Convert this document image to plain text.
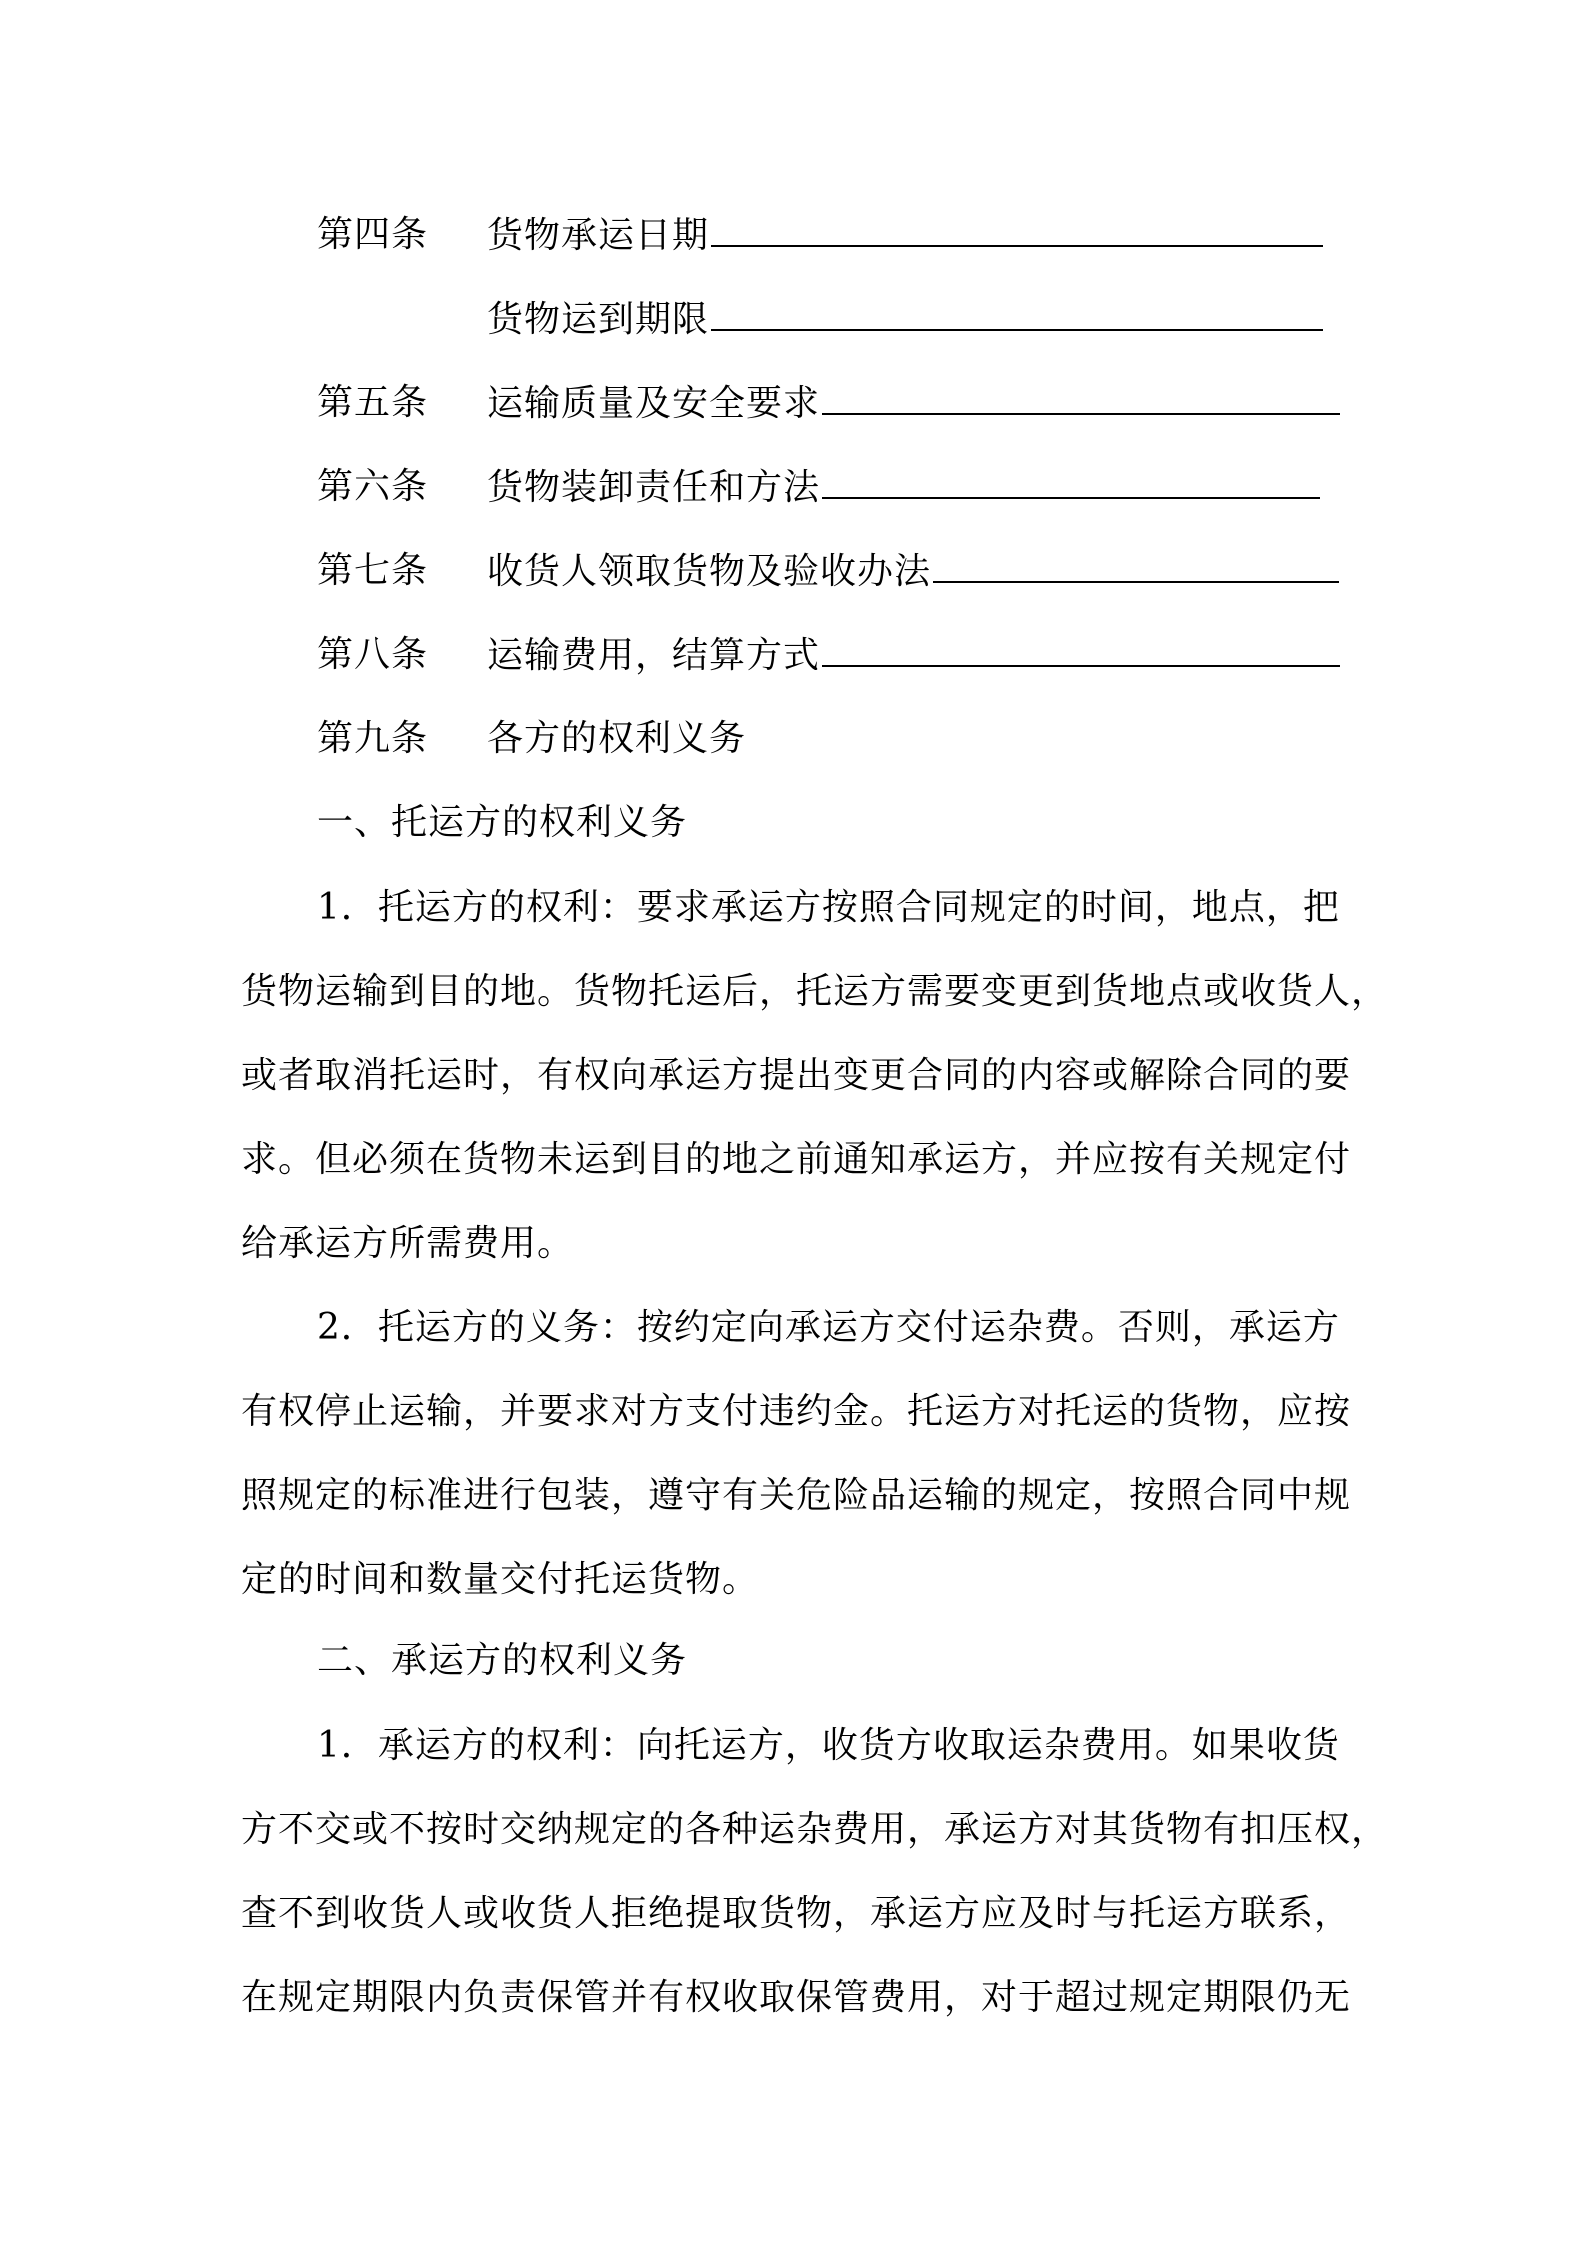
第四条 货物承运日期
货物运到期限
第五条 运输质量及安全要求
第六条 货物装卸责任和方法
第七条 收货人领取货物及验收办法
第八条 运输费用，结算方式
第九条 各方的权利义务
一、托运方的权利义务
1．托运方的权利：要求承运方按照合同规定的时间，地点，把
货物运输到目的地。货物托运后，托运方需要变更到货地点或收货人，
或者取消托运时，有权向承运方提出变更合同的内容或解除合同的要
求。但必须在货物未运到目的地之前通知承运方，并应按有关规定付
给承运方所需费用。
2．托运方的义务：按约定向承运方交付运杂费。否则，承运方
有权停止运输，并要求对方支付违约金。托运方对托运的货物，应按
照规定的标准进行包装，遵守有关危险品运输的规定，按照合同中规
定的时间和数量交付托运货物。
二、承运方的权利义务
1．承运方的权利：向托运方，收货方收取运杂费用。如果收货
方不交或不按时交纳规定的各种运杂费用，承运方对其货物有扣压权，
查不到收货人或收货人拒绝提取货物，承运方应及时与托运方联系，
在规定期限内负责保管并有权收取保管费用，对于超过规定期限仍无
